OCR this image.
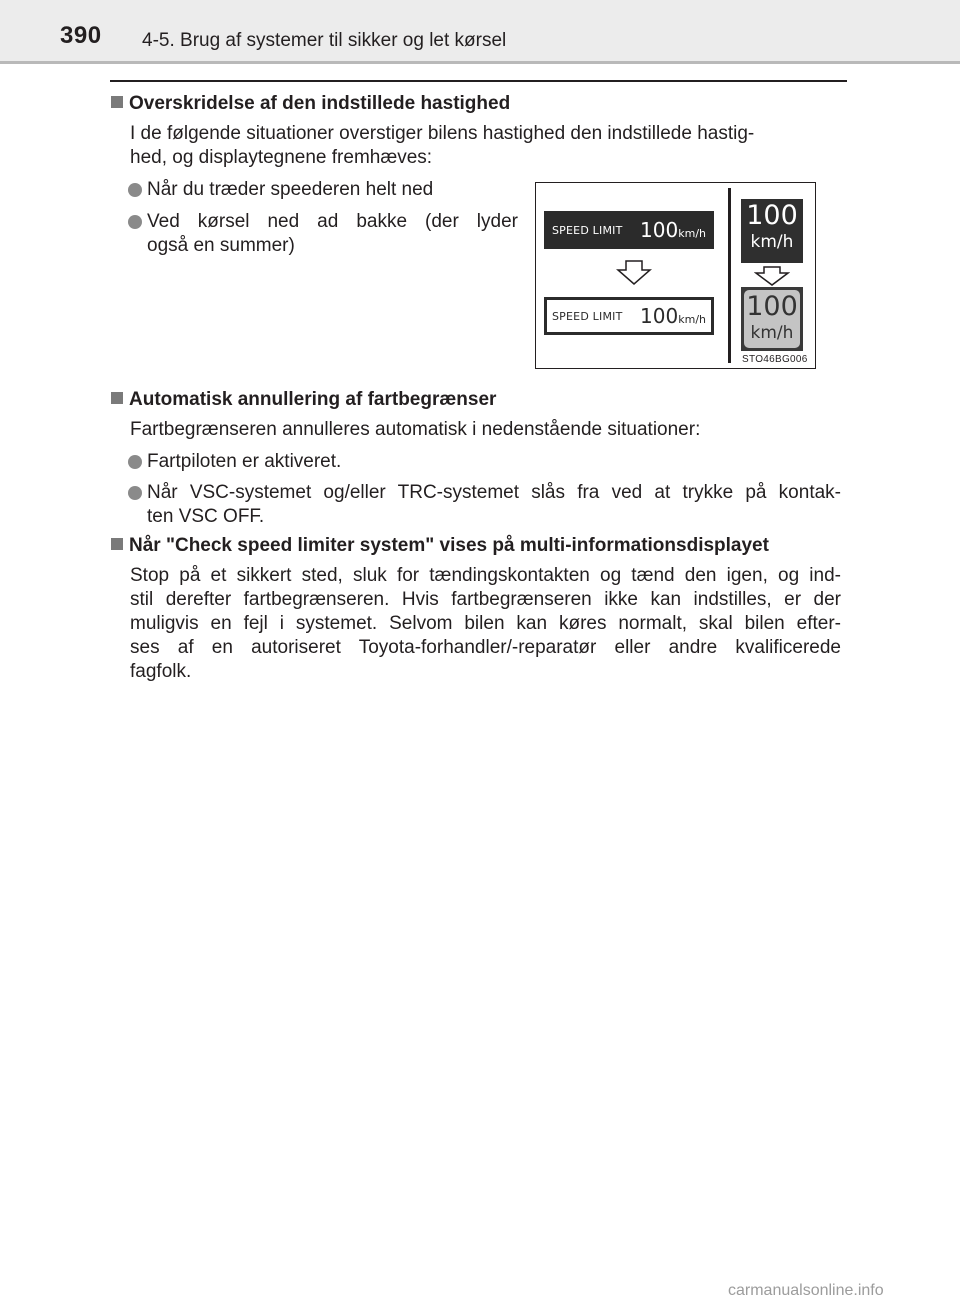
390 4-5. Brug af systemer til sikker og let kørsel
Overskridelse af den indstillede hastighed
I de følgende situationer overstiger bilens hastighed den indstillede hastig-
hed, og displaytegnene fremhæves:
Når du træder speederen helt ned
Ved kørsel ned ad bakke (der lyder
også en summer)
SPEED LIMIT 100km/h
SPEED LIMIT 100km/h
100
km/h
100
km/h
STO46BG006
Automatisk annullering af fartbegrænser
Fartbegrænseren annulleres automatisk i nedenstående situationer:
Fartpiloten er aktiveret.
Når VSC-systemet og/eller TRC-systemet slås fra ved at trykke på kontak-
ten VSC OFF.
Når "Check speed limiter system" vises på multi-informationsdisplayet
Stop på et sikkert sted, sluk for tændingskontakten og tænd den igen, og ind-
stil derefter fartbegrænseren. Hvis fartbegrænseren ikke kan indstilles, er der
muligvis en fejl i systemet. Selvom bilen kan køres normalt, skal bilen efter-
ses af en autoriseret Toyota-forhandler/-reparatør eller andre kvalificerede
fagfolk.
carmanualsonline.info
